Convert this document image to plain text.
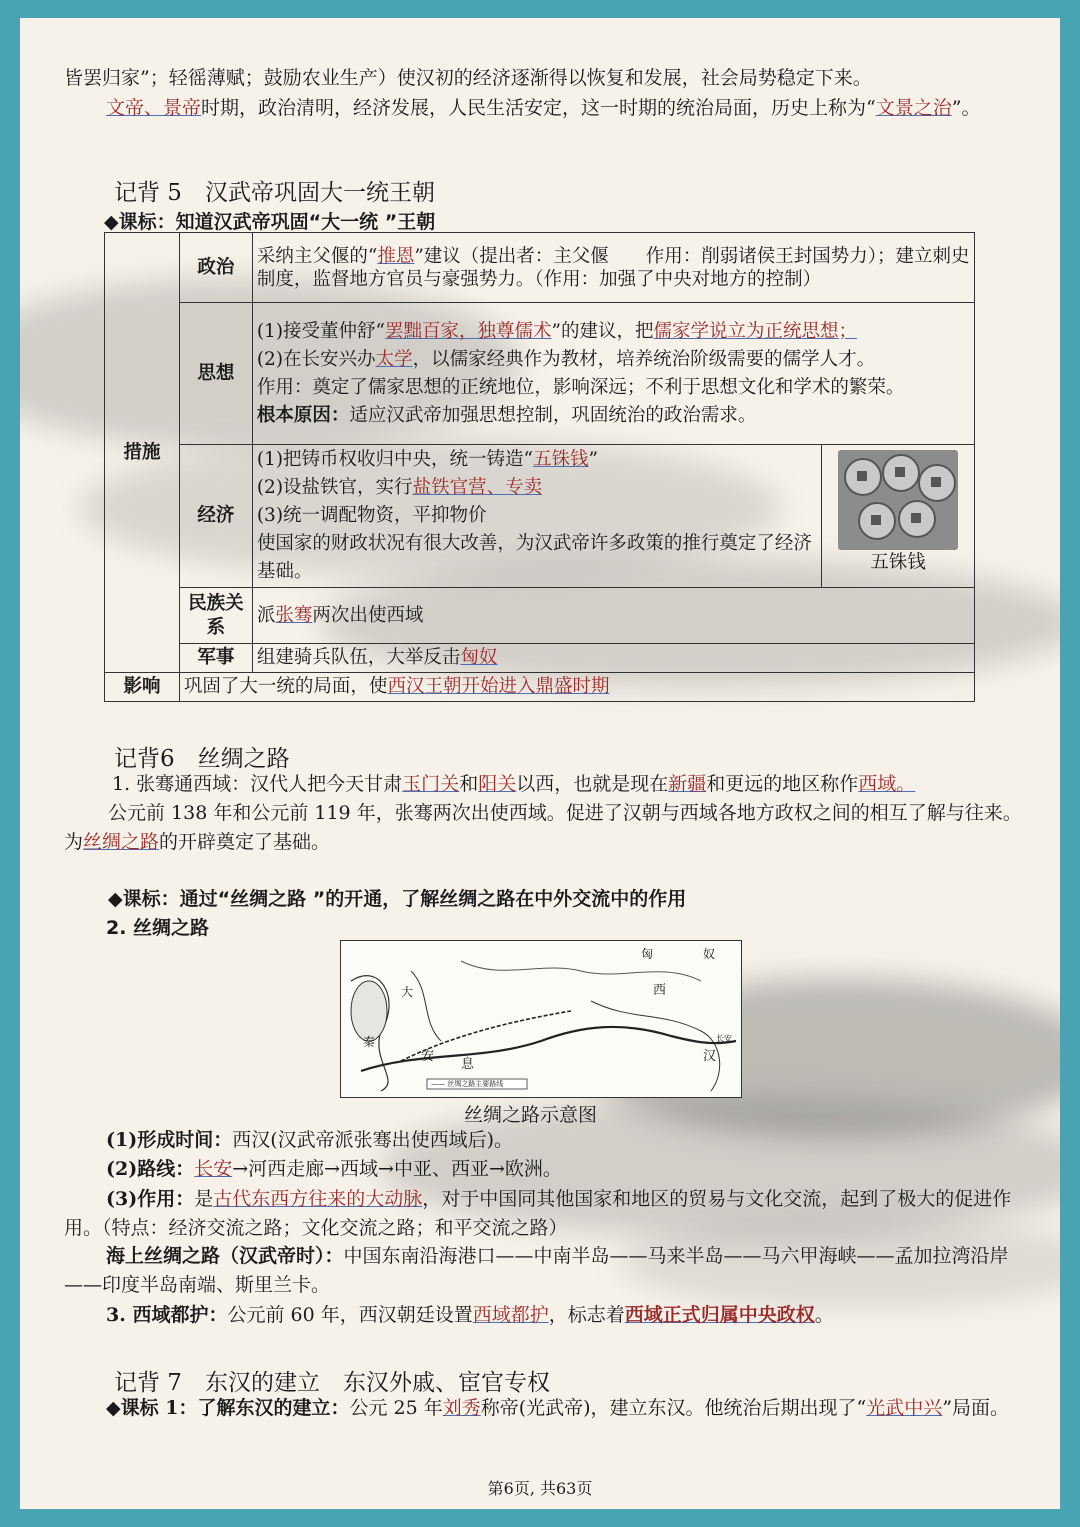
皆罢归家”；轻徭薄赋；鼓励农业生产）使汉初的经济逐渐得以恢复和发展，社会局势稳定下来。
文帝、景帝时期，政治清明，经济发展，人民生活安定，这一时期的统治局面，历史上称为“文景之治”。
记背 5　汉武帝巩固大一统王朝
◆课标：知道汉武帝巩固“大一统 ”王朝
措施	政治	采纳主父偃的“推恩”建议（提出者：主父偃　　作用：削弱诸侯王封国势力）；建立刺史制度，监督地方官员与豪强势力。（作用：加强了中央对地方的控制）	
	思想	(1)接受董仲舒“罢黜百家，独尊儒术”的建议，把儒家学说立为正统思想；
(2)在长安兴办太学，以儒家经典作为教材，培养统治阶级需要的儒学人才。
作用：奠定了儒家思想的正统地位，影响深远；不利于思想文化和学术的繁荣。
根本原因：适应汉武帝加强思想控制，巩固统治的政治需求。	

	经济	(1)把铸币权收归中央，统一铸造“五铢钱”
(2)设盐铁官，实行盐铁官营、专卖
(3)统一调配物资，平抑物价
使国家的财政状况有很大改善，为汉武帝许多政策的推行奠定了经济基础。	五铢钱

	民族关系	派张骞两次出使西域	
	军事	组建骑兵队伍，大举反击匈奴	
影响	巩固了大一统的局面，使西汉王朝开始进入鼎盛时期		
记背6　丝绸之路
1. 张骞通西域：汉代人把今天甘肃玉门关和阳关以西，也就是现在新疆和更远的地区称作西域。
公元前 138 年和公元前 119 年，张骞两次出使西域。促进了汉朝与西域各地方政权之间的相互了解与往来。为丝绸之路的开辟奠定了基础。
◆课标：通过“丝绸之路 ”的开通，了解丝绸之路在中外交流中的作用
2. 丝绸之路
匈	奴
西
汉
安
息
大
秦	长安
—— 丝绸之路主要路线
丝绸之路示意图
(1)形成时间：西汉(汉武帝派张骞出使西域后)。
(2)路线：长安→河西走廊→西域→中亚、西亚→欧洲。
(3)作用：是古代东西方往来的大动脉，对于中国同其他国家和地区的贸易与文化交流，起到了极大的促进作用。（特点：经济交流之路；文化交流之路；和平交流之路）
海上丝绸之路（汉武帝时）：中国东南沿海港口——中南半岛——马来半岛——马六甲海峡——孟加拉湾沿岸——印度半岛南端、斯里兰卡。
3. 西域都护：公元前 60 年，西汉朝廷设置西域都护，标志着西域正式归属中央政权。
记背 7　东汉的建立　东汉外戚、宦官专权
◆课标 1：了解东汉的建立：公元 25 年刘秀称帝(光武帝)，建立东汉。他统治后期出现了“光武中兴”局面。
第6页, 共63页
